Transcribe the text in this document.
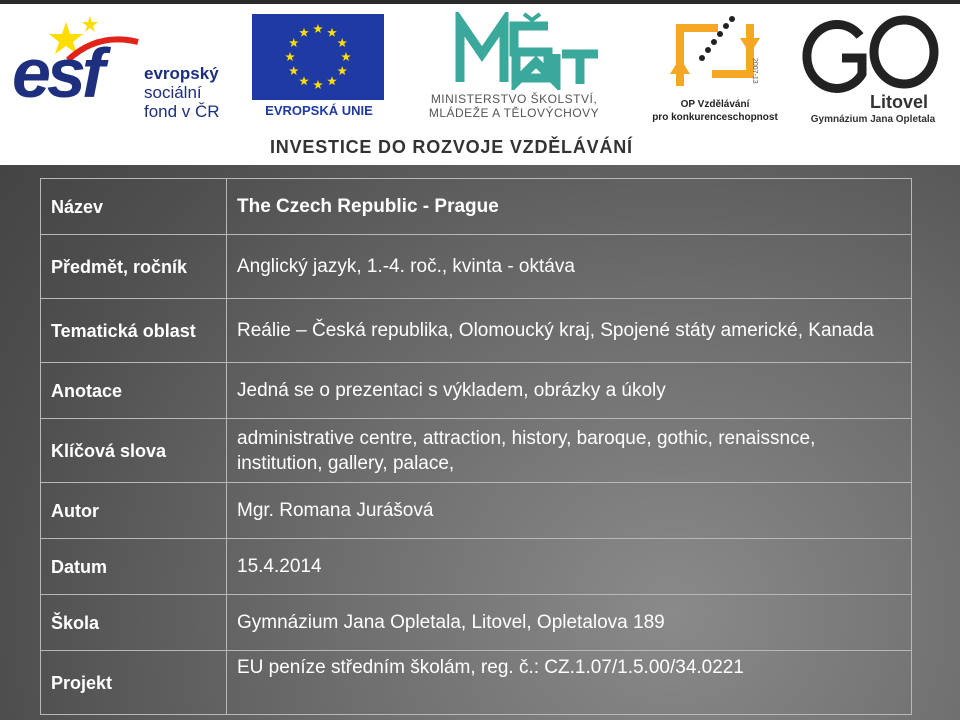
esf	evropský
sociální
fond v ČR	EVROPSKÁ UNIE
MINISTERSTVO ŠKOLSTVÍ,
MLÁDEŽE A TĚLOVÝCHOVY
2007-13
OP Vzdělávání
pro konkurenceschopnost
Litovel
Gymnázium Jana Opletala
INVESTICE DO ROZVOJE VZDĚLÁVÁNÍ
Název	The Czech Republic - Prague
Předmět, ročník	Anglický jazyk, 1.-4. roč., kvinta - oktáva
Tematická oblast	Reálie – Česká republika, Olomoucký kraj, Spojené státy americké, Kanada
Anotace	Jedná se o prezentaci s výkladem, obrázky a úkoly
Klíčová slova	administrative centre, attraction, history, baroque, gothic, renaissnce, institution, gallery, palace,
Autor	Mgr. Romana Jurášová
Datum	15.4.2014
Škola	Gymnázium Jana Opletala, Litovel, Opletalova 189
Projekt	EU peníze středním školám, reg. č.: CZ.1.07/1.5.00/34.0221
